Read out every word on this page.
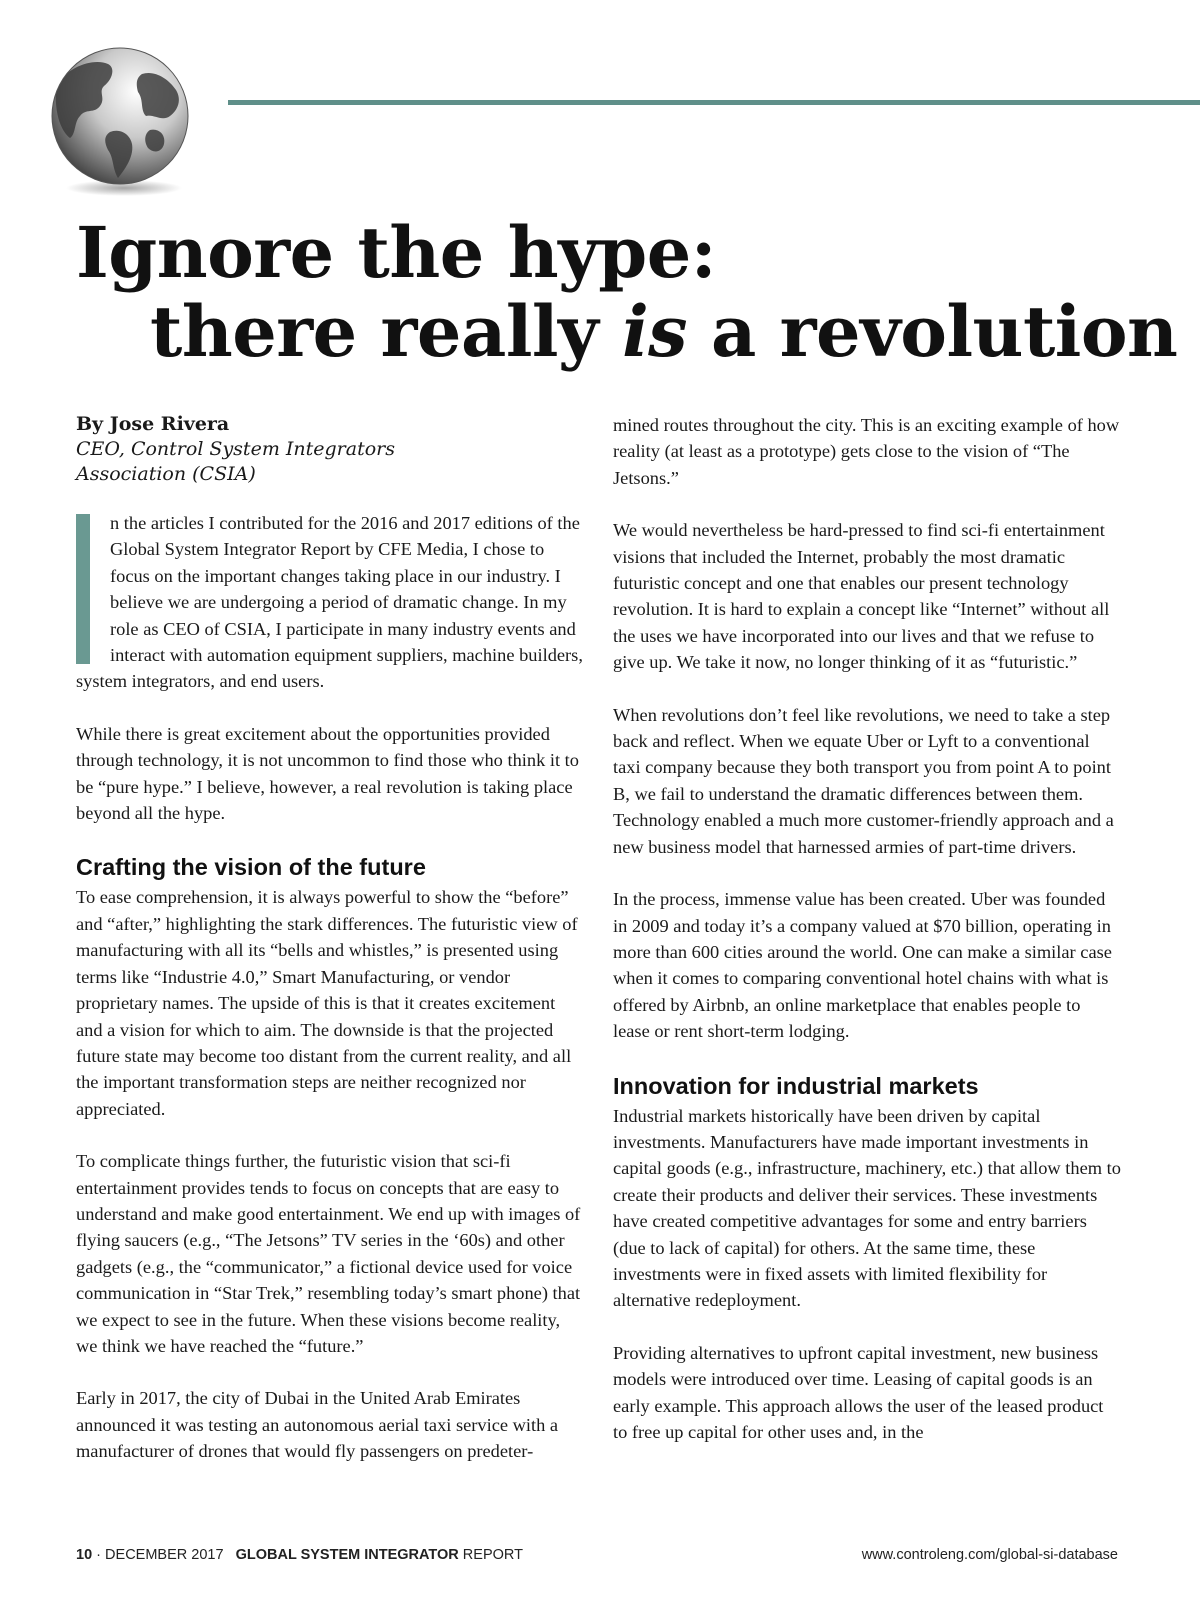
Ignore the hype:
there really is a revolution
By Jose Rivera
CEO, Control System Integrators
Association (CSIA)

n the articles I contributed for the 2016 and 2017 editions of the Global System Integrator Report by CFE Media, I chose to focus on the important changes taking place in our industry. I believe we are undergoing a period of dramatic change. In my role as CEO of CSIA, I participate in many industry events and interact with automation equipment suppliers, machine builders, system integrators, and end users.

While there is great excitement about the opportunities provided through technology, it is not uncommon to find those who think it to be “pure hype.” I believe, however, a real revolution is taking place beyond all the hype.

Crafting the vision of the future

To ease comprehension, it is always powerful to show the “before” and “after,” highlighting the stark differences. The futuristic view of manufacturing with all its “bells and whistles,” is presented using terms like “Industrie 4.0,” Smart Manufacturing, or vendor proprietary names. The upside of this is that it creates excitement and a vision for which to aim. The downside is that the projected future state may become too distant from the current reality, and all the important transformation steps are neither recognized nor appreciated.

To complicate things further, the futuristic vision that sci-fi entertainment provides tends to focus on concepts that are easy to understand and make good entertainment. We end up with images of flying saucers (e.g., “The Jetsons” TV series in the ‘60s) and other gadgets (e.g., the “communicator,” a fictional device used for voice communication in “Star Trek,” resembling today’s smart phone) that we expect to see in the future. When these visions become reality, we think we have reached the “future.”

Early in 2017, the city of Dubai in the United Arab Emirates announced it was testing an autonomous aerial taxi service with a manufacturer of drones that would fly passengers on predeter-

mined routes throughout the city. This is an exciting example of how reality (at least as a prototype) gets close to the vision of “The Jetsons.”

We would nevertheless be hard-pressed to find sci-fi entertainment visions that included the Internet, probably the most dramatic futuristic concept and one that enables our present technology revolution. It is hard to explain a concept like “Internet” without all the uses we have incorporated into our lives and that we refuse to give up. We take it now, no longer thinking of it as “futuristic.”

When revolutions don’t feel like revolutions, we need to take a step back and reflect. When we equate Uber or Lyft to a conventional taxi company because they both transport you from point A to point B, we fail to understand the dramatic differences between them. Technology enabled a much more customer-friendly approach and a new business model that harnessed armies of part-time drivers.

In the process, immense value has been created. Uber was founded in 2009 and today it’s a company valued at $70 billion, operating in more than 600 cities around the world. One can make a similar case when it comes to comparing conventional hotel chains with what is offered by Airbnb, an online marketplace that enables people to lease or rent short-term lodging.

Innovation for industrial markets

Industrial markets historically have been driven by capital investments. Manufacturers have made important investments in capital goods (e.g., infrastructure, machinery, etc.) that allow them to create their products and deliver their services. These investments have created competitive advantages for some and entry barriers (due to lack of capital) for others. At the same time, these investments were in fixed assets with limited flexibility for alternative redeployment.

Providing alternatives to upfront capital investment, new business models were introduced over time. Leasing of capital goods is an early example. This approach allows the user of the leased product to free up capital for other uses and, in the

10 · DECEMBER 2017 GLOBAL SYSTEM INTEGRATOR REPORT	www.controleng.com/global-si-database
